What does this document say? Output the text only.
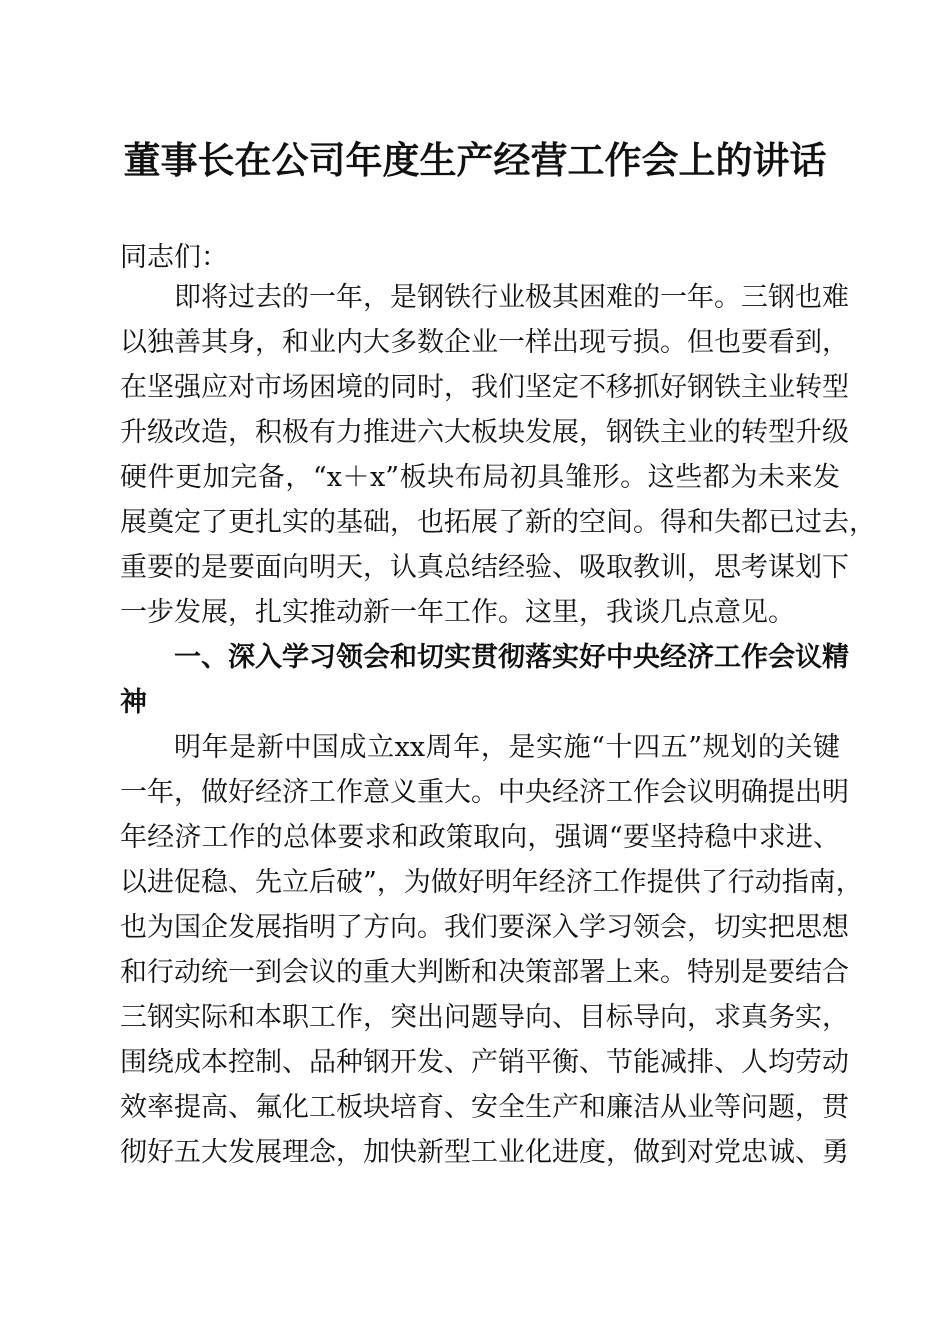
董事长在公司年度生产经营工作会上的讲话

同志们：

即将过去的一年，是钢铁行业极其困难的一年。三钢也难

以独善其身，和业内大多数企业一样出现亏损。但也要看到，

在坚强应对市场困境的同时，我们坚定不移抓好钢铁主业转型

升级改造，积极有力推进六大板块发展，钢铁主业的转型升级

硬件更加完备，“x＋x”板块布局初具雏形。这些都为未来发

展奠定了更扎实的基础，也拓展了新的空间。得和失都已过去，

重要的是要面向明天，认真总结经验、吸取教训，思考谋划下

一步发展，扎实推动新一年工作。这里，我谈几点意见。

一、深入学习领会和切实贯彻落实好中央经济工作会议精

神

明年是新中国成立xx周年，是实施“十四五”规划的关键

一年，做好经济工作意义重大。中央经济工作会议明确提出明

年经济工作的总体要求和政策取向，强调“要坚持稳中求进、

以进促稳、先立后破”，为做好明年经济工作提供了行动指南，

也为国企发展指明了方向。我们要深入学习领会，切实把思想

和行动统一到会议的重大判断和决策部署上来。特别是要结合

三钢实际和本职工作，突出问题导向、目标导向，求真务实，

围绕成本控制、品种钢开发、产销平衡、节能减排、人均劳动

效率提高、氟化工板块培育、安全生产和廉洁从业等问题，贯

彻好五大发展理念，加快新型工业化进度，做到对党忠诚、勇
